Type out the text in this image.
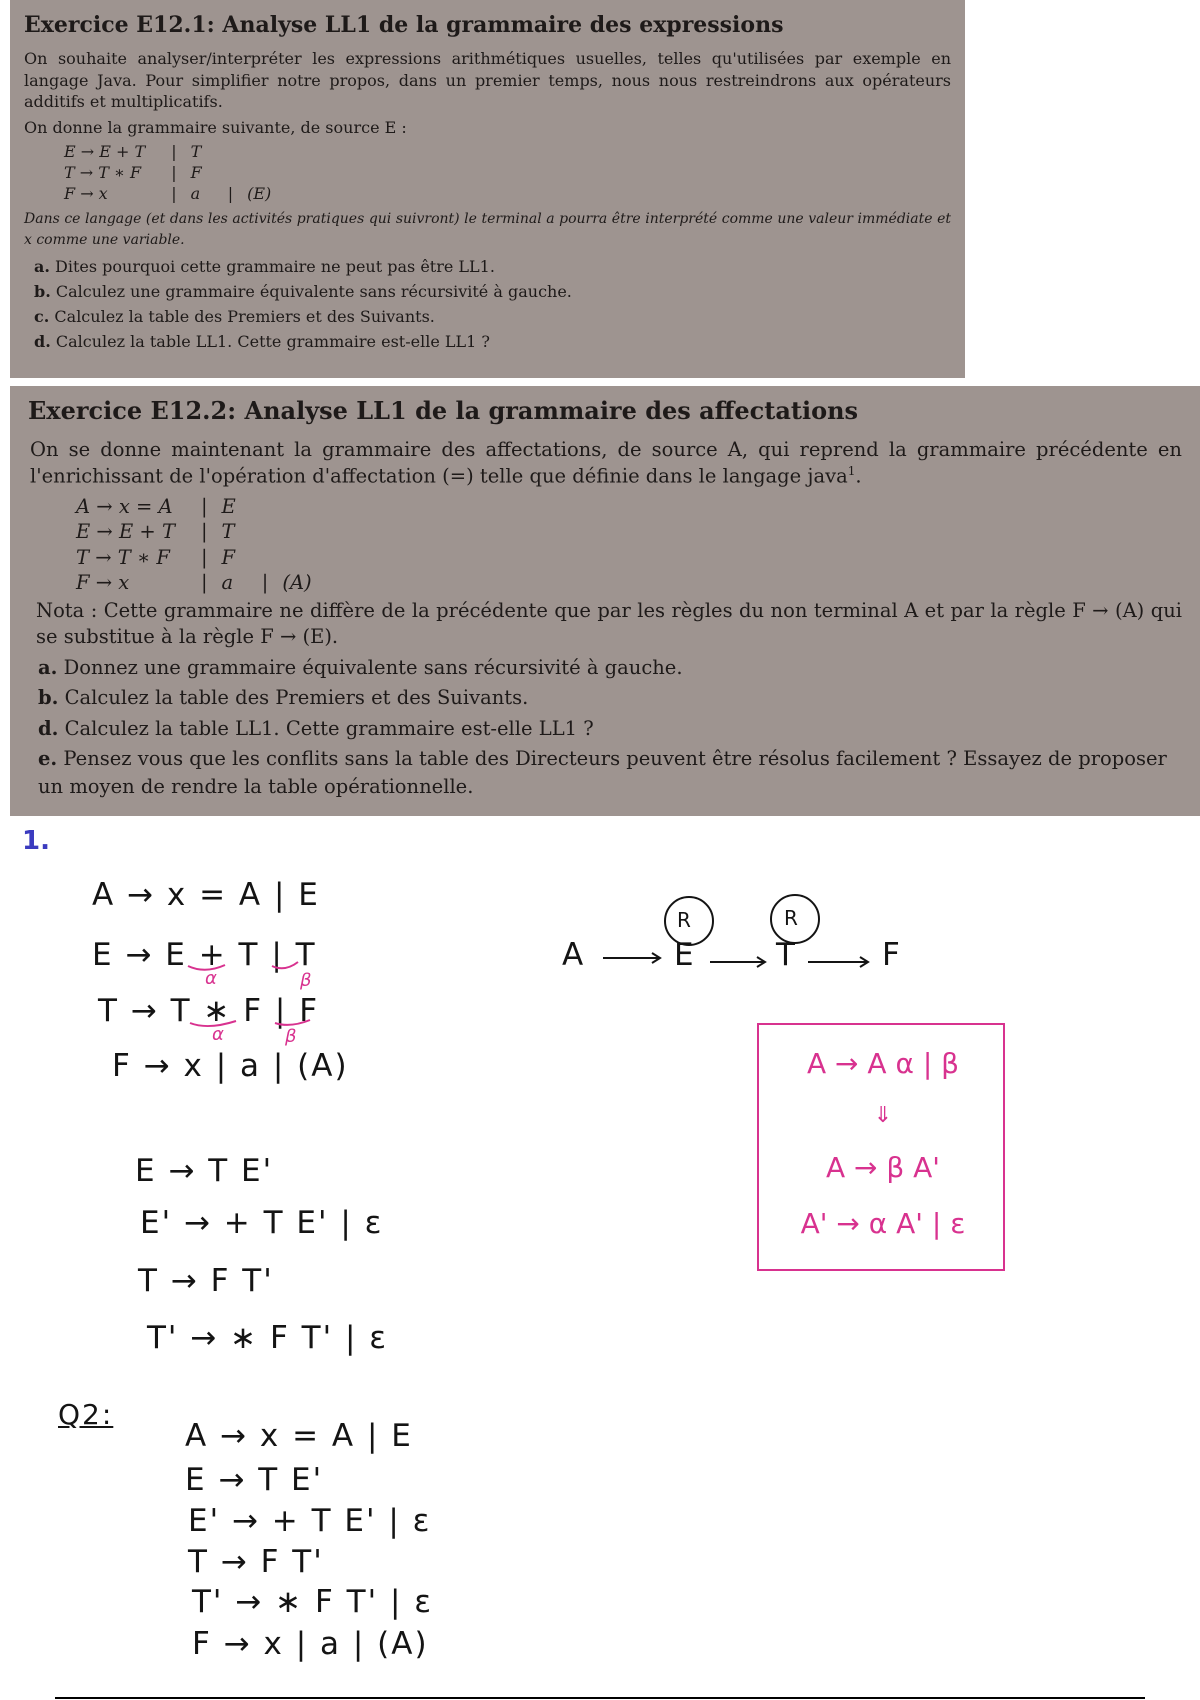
Exercice E12.1: Analyse LL1 de la grammaire des expressions
On souhaite analyser/interpréter les expressions arithmétiques usuelles, telles qu'utilisées par exemple en langage Java. Pour simplifier notre propos, dans un premier temps, nous nous restreindrons aux opérateurs additifs et multiplicatifs.
On donne la grammaire suivante, de source E :
E → E + T	|	T		
T → T ∗ F	|	F		
F → x	|	a	|	(E)
Dans ce langage (et dans les activités pratiques qui suivront) le terminal a pourra être interprété comme une valeur immédiate et x comme une variable.
a. Dites pourquoi cette grammaire ne peut pas être LL1.
b. Calculez une grammaire équivalente sans récursivité à gauche.
c. Calculez la table des Premiers et des Suivants.
d. Calculez la table LL1. Cette grammaire est-elle LL1 ?
Exercice E12.2: Analyse LL1 de la grammaire des affectations
On se donne maintenant la grammaire des affectations, de source A, qui reprend la grammaire précédente en l'enrichissant de l'opération d'affectation (=) telle que définie dans le langage java$^1$.
A → x = A	|	E		
E → E + T	|	T		
T → T ∗ F	|	F		
F → x	|	a	|	(A)
Nota : Cette grammaire ne diffère de la précédente que par les règles du non terminal A et par la règle F → (A) qui se substitue à la règle F → (E).
a. Donnez une grammaire équivalente sans récursivité à gauche.
b. Calculez la table des Premiers et des Suivants.
d. Calculez la table LL1. Cette grammaire est-elle LL1 ?
e. Pensez vous que les conflits sans la table des Directeurs peuvent être résolus facilement ? Essayez de proposer un moyen de rendre la table opérationnelle.
1.
A → x = A | E
E → E + T | T
T → T ∗ F | F
F → x | a | (A)
α	β
α	β
A	E	T	F
R	R
A → A α | β
⇓
A → β A'
A' → α A' | ε
E → T E'
E' → + T E' | ε
T → F T'
T' → ∗ F T' | ε
Q2:
A → x = A | E
E → T E'
E' → + T E' | ε
T → F T'
T' → ∗ F T' | ε
F → x | a | (A)
